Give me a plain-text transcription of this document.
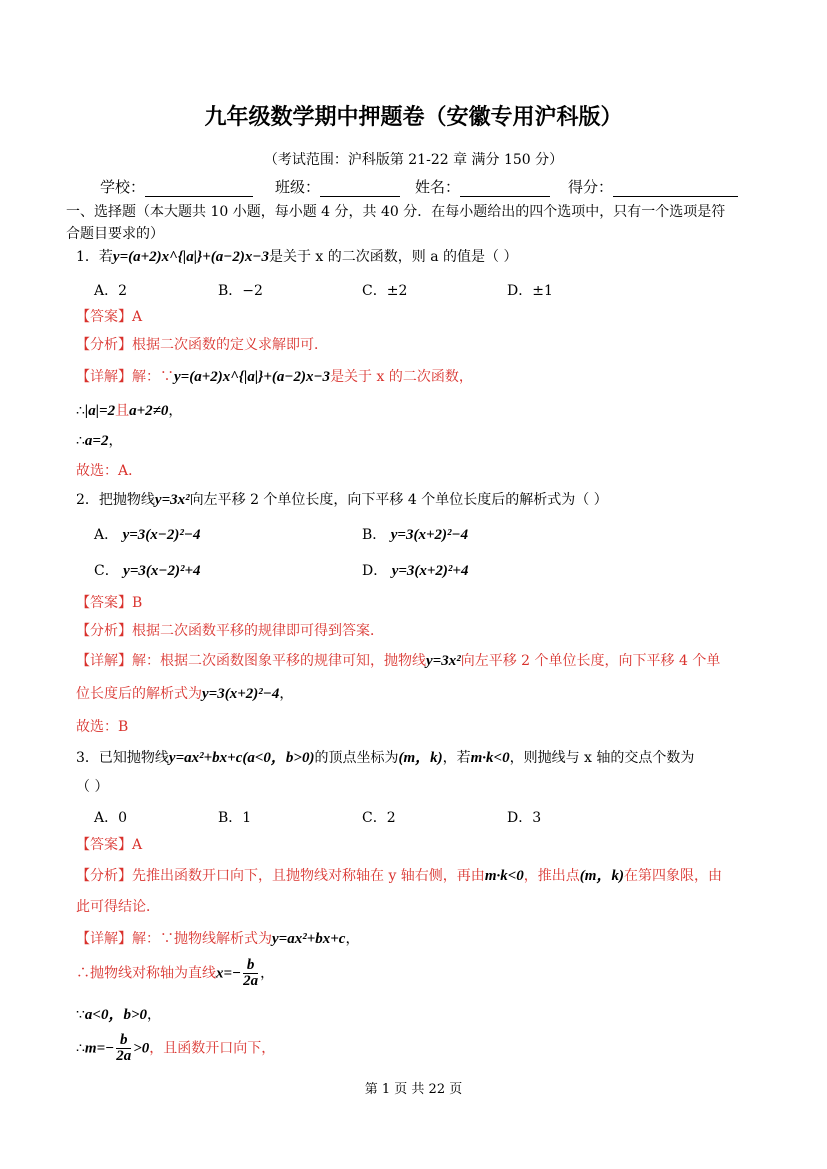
九年级数学期中押题卷（安徽专用沪科版）
（考试范围：沪科版第 21-22 章 满分 150 分）
学校：	班级：	姓名：	得分：
一、选择题（本大题共 10 小题，每小题 4 分，共 40 分．在每小题给出的四个选项中，只有一个选项是符
合题目要求的）
1．若y=(a+2)x^{|a|}+(a−2)x−3是关于 x 的二次函数，则 a 的值是（ ）
A．2	B．−2	C．±2	D．±1
【答案】A
【分析】根据二次函数的定义求解即可．
【详解】解：∵y=(a+2)x^{|a|}+(a−2)x−3是关于 x 的二次函数，
∴|a|=2且a+2≠0，
∴a=2，
故选：A．
2．把抛物线y=3x²向左平移 2 个单位长度，向下平移 4 个单位长度后的解析式为（ ）
A． y=3(x−2)²−4	B． y=3(x+2)²−4
C． y=3(x−2)²+4	D． y=3(x+2)²+4
【答案】B
【分析】根据二次函数平移的规律即可得到答案．
【详解】解：根据二次函数图象平移的规律可知，抛物线y=3x²向左平移 2 个单位长度，向下平移 4 个单
位长度后的解析式为y=3(x+2)²−4，
故选：B
3．已知抛物线y=ax²+bx+c(a<0，b>0)的顶点坐标为(m，k)，若m·k<0，则抛线与 x 轴的交点个数为
（ ）
A．0	B．1	C．2	D．3
【答案】A
【分析】先推出函数开口向下，且抛物线对称轴在 y 轴右侧，再由m·k<0，推出点(m，k)在第四象限，由
此可得结论．
【详解】解：∵抛物线解析式为y=ax²+bx+c，
∴抛物线对称轴为直线$x=- \frac{b}{2a}$ ，
∵a<0，b>0，
∴m=− $\frac{b}{2a} >0$，且函数开口向下，
第 1 页 共 22 页
